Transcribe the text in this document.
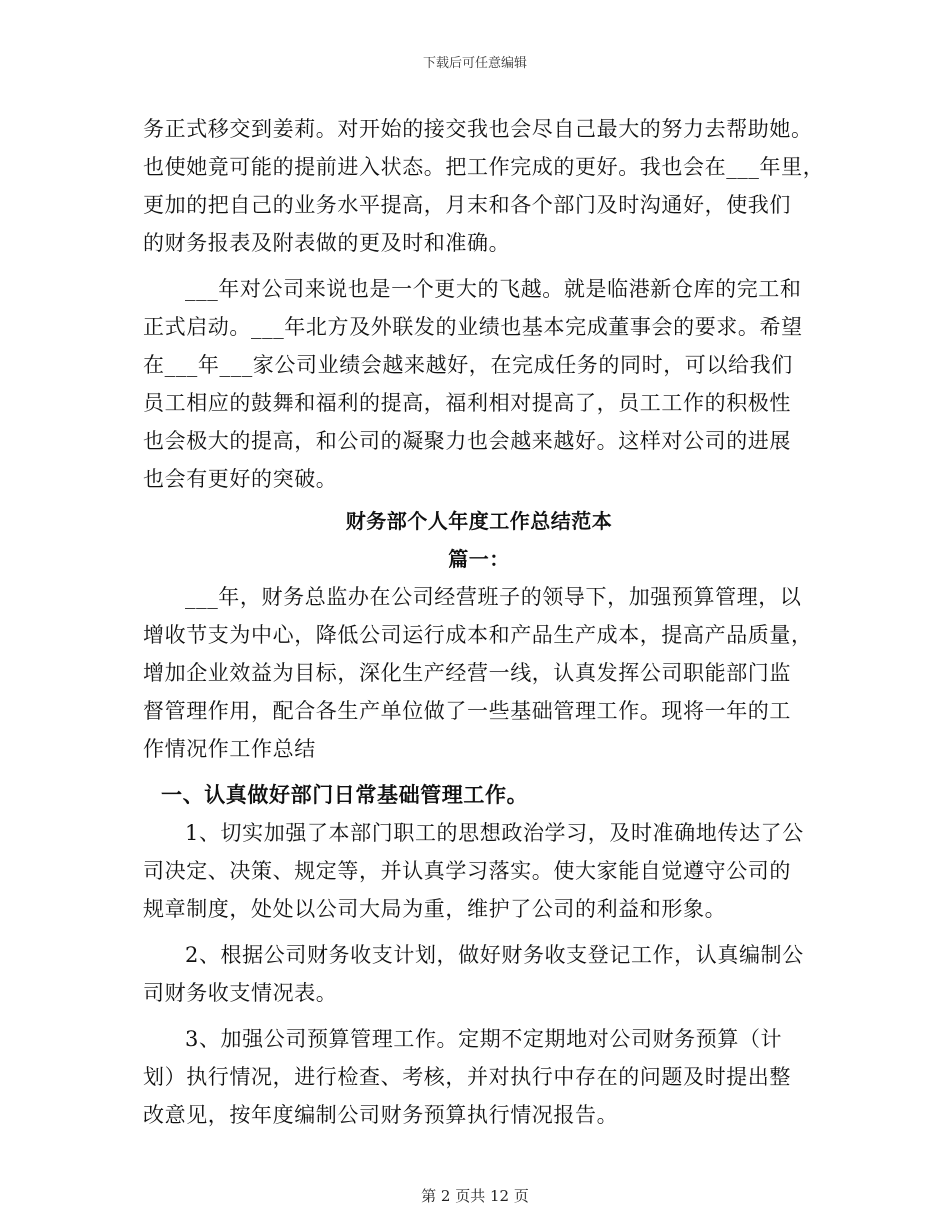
下载后可任意编辑
务正式移交到姜莉。对开始的接交我也会尽自己最大的努力去帮助她。
也使她竟可能的提前进入状态。把工作完成的更好。我也会在___年里，
更加的把自己的业务水平提高，月末和各个部门及时沟通好，使我们
的财务报表及附表做的更及时和准确。
___年对公司来说也是一个更大的飞越。就是临港新仓库的完工和
正式启动。___年北方及外联发的业绩也基本完成董事会的要求。希望
在___年___家公司业绩会越来越好，在完成任务的同时，可以给我们
员工相应的鼓舞和福利的提高，福利相对提高了，员工工作的积极性
也会极大的提高，和公司的凝聚力也会越来越好。这样对公司的进展
也会有更好的突破。
财务部个人年度工作总结范本
篇一：
___年，财务总监办在公司经营班子的领导下，加强预算管理，以
增收节支为中心，降低公司运行成本和产品生产成本，提高产品质量，
增加企业效益为目标，深化生产经营一线，认真发挥公司职能部门监
督管理作用，配合各生产单位做了一些基础管理工作。现将一年的工
作情况作工作总结
一、认真做好部门日常基础管理工作。
1、切实加强了本部门职工的思想政治学习，及时准确地传达了公
司决定、决策、规定等，并认真学习落实。使大家能自觉遵守公司的
规章制度，处处以公司大局为重，维护了公司的利益和形象。
2、根据公司财务收支计划，做好财务收支登记工作，认真编制公
司财务收支情况表。
3、加强公司预算管理工作。定期不定期地对公司财务预算（计
划）执行情况，进行检查、考核，并对执行中存在的问题及时提出整
改意见，按年度编制公司财务预算执行情况报告。
第 2 页共 12 页
